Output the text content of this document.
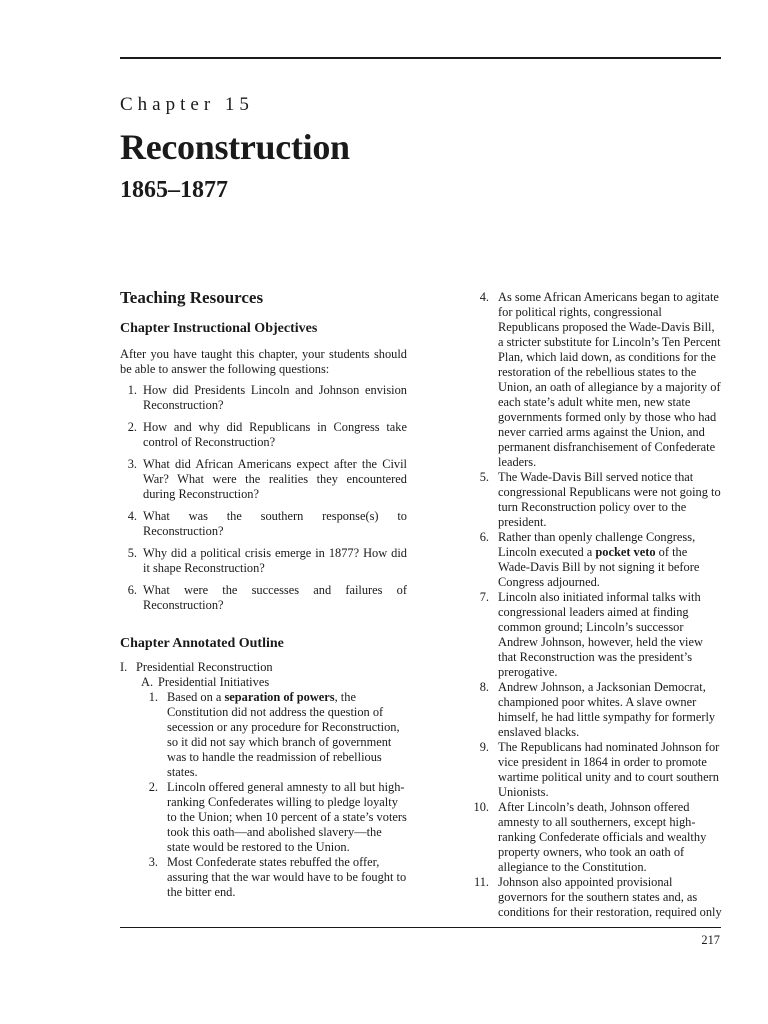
Chapter 15
Reconstruction
1865–1877
Teaching Resources
Chapter Instructional Objectives

After you have taught this chapter, your students should be able to answer the following questions:

1. How did Presidents Lincoln and Johnson envision Reconstruction?
2. How and why did Republicans in Congress take control of Reconstruction?
3. What did African Americans expect after the Civil War? What were the realities they encountered during Reconstruction?
4. What was the southern response(s) to Reconstruction?
5. Why did a political crisis emerge in 1877? How did it shape Reconstruction?
6. What were the successes and failures of Reconstruction?
Chapter Annotated Outline
I. Presidential Reconstruction
A. Presidential Initiatives
1. Based on a separation of powers, the Constitution did not address the question of secession or any procedure for Reconstruction, so it did not say which branch of government was to handle the readmission of rebellious states.
2. Lincoln offered general amnesty to all but high-ranking Confederates willing to pledge loyalty to the Union; when 10 percent of a state’s voters took this oath—and abolished slavery—the state would be restored to the Union.
3. Most Confederate states rebuffed the offer, assuring that the war would have to be fought to the bitter end.
4. As some African Americans began to agitate for political rights, congressional Republicans proposed the Wade-Davis Bill, a stricter substitute for Lincoln’s Ten Percent Plan, which laid down, as conditions for the restoration of the rebellious states to the Union, an oath of allegiance by a majority of each state’s adult white men, new state governments formed only by those who had never carried arms against the Union, and permanent disfranchisement of Confederate leaders.
5. The Wade-Davis Bill served notice that congressional Republicans were not going to turn Reconstruction policy over to the president.
6. Rather than openly challenge Congress, Lincoln executed a pocket veto of the Wade-Davis Bill by not signing it before Congress adjourned.
7. Lincoln also initiated informal talks with congressional leaders aimed at finding common ground; Lincoln’s successor Andrew Johnson, however, held the view that Reconstruction was the president’s prerogative.
8. Andrew Johnson, a Jacksonian Democrat, championed poor whites. A slave owner himself, he had little sympathy for formerly enslaved blacks.
9. The Republicans had nominated Johnson for vice president in 1864 in order to promote wartime political unity and to court southern Unionists.
10. After Lincoln’s death, Johnson offered amnesty to all southerners, except high-ranking Confederate officials and wealthy property owners, who took an oath of allegiance to the Constitution.
11. Johnson also appointed provisional governors for the southern states and, as conditions for their restoration, required only
217
